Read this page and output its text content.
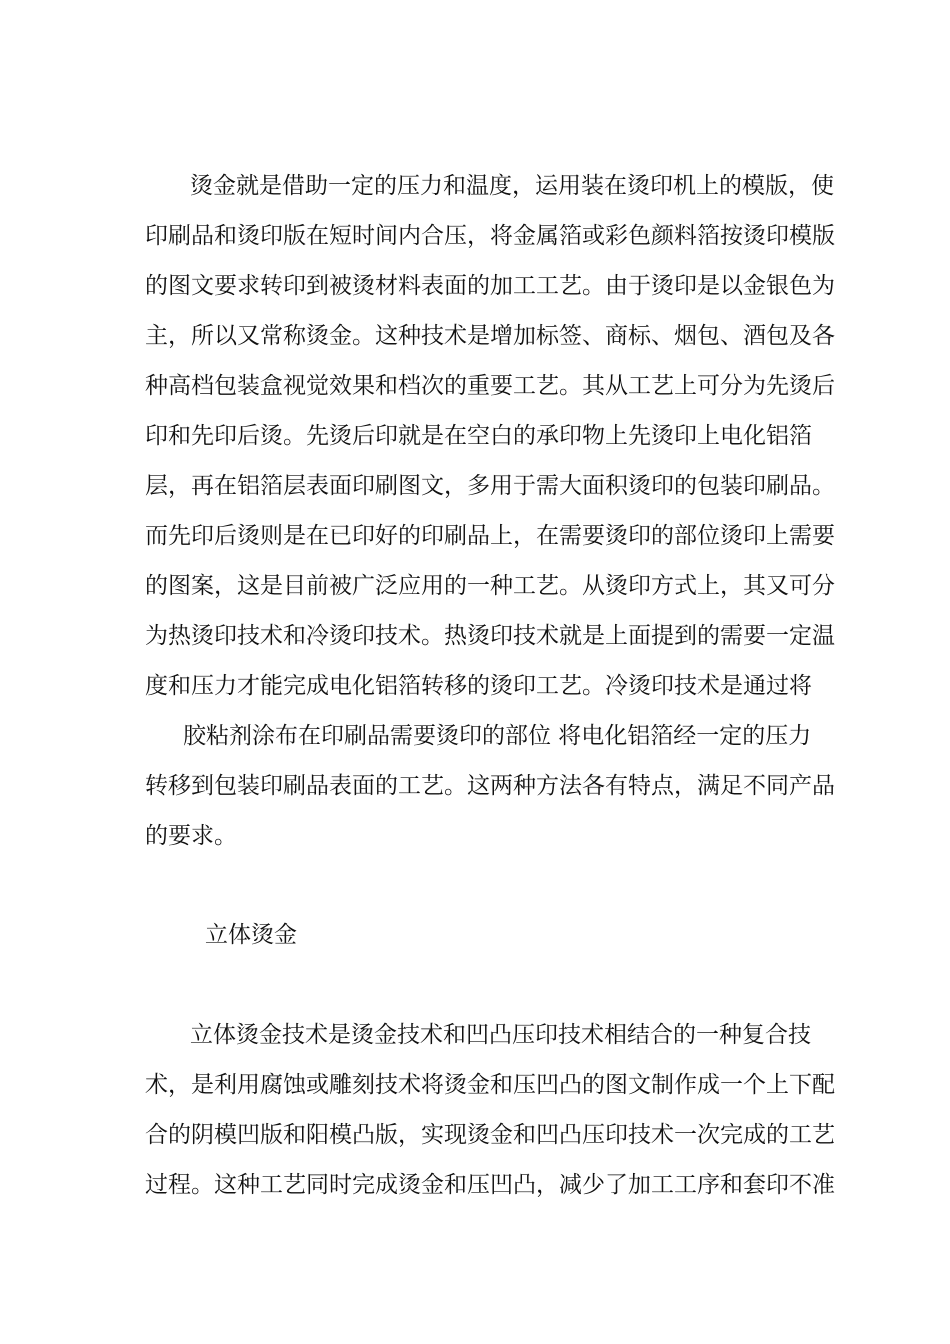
烫金就是借助一定的压力和温度，运用装在烫印机上的模版，使
印刷品和烫印版在短时间内合压，将金属箔或彩色颜料箔按烫印模版
的图文要求转印到被烫材料表面的加工工艺。由于烫印是以金银色为
主，所以又常称烫金。这种技术是增加标签、商标、烟包、酒包及各
种高档包装盒视觉效果和档次的重要工艺。其从工艺上可分为先烫后
印和先印后烫。先烫后印就是在空白的承印物上先烫印上电化铝箔
层，再在铝箔层表面印刷图文，多用于需大面积烫印的包装印刷品。
而先印后烫则是在已印好的印刷品上，在需要烫印的部位烫印上需要
的图案，这是目前被广泛应用的一种工艺。从烫印方式上，其又可分
为热烫印技术和冷烫印技术。热烫印技术就是上面提到的需要一定温
度和压力才能完成电化铝箔转移的烫印工艺。冷烫印技术是通过将
胶粘剂涂布在印刷品需要烫印的部位 将电化铝箔经一定的压力
转移到包装印刷品表面的工艺。这两种方法各有特点，满足不同产品
的要求。
立体烫金
立体烫金技术是烫金技术和凹凸压印技术相结合的一种复合技
术，是利用腐蚀或雕刻技术将烫金和压凹凸的图文制作成一个上下配
合的阴模凹版和阳模凸版，实现烫金和凹凸压印技术一次完成的工艺
过程。这种工艺同时完成烫金和压凹凸，减少了加工工序和套印不准
